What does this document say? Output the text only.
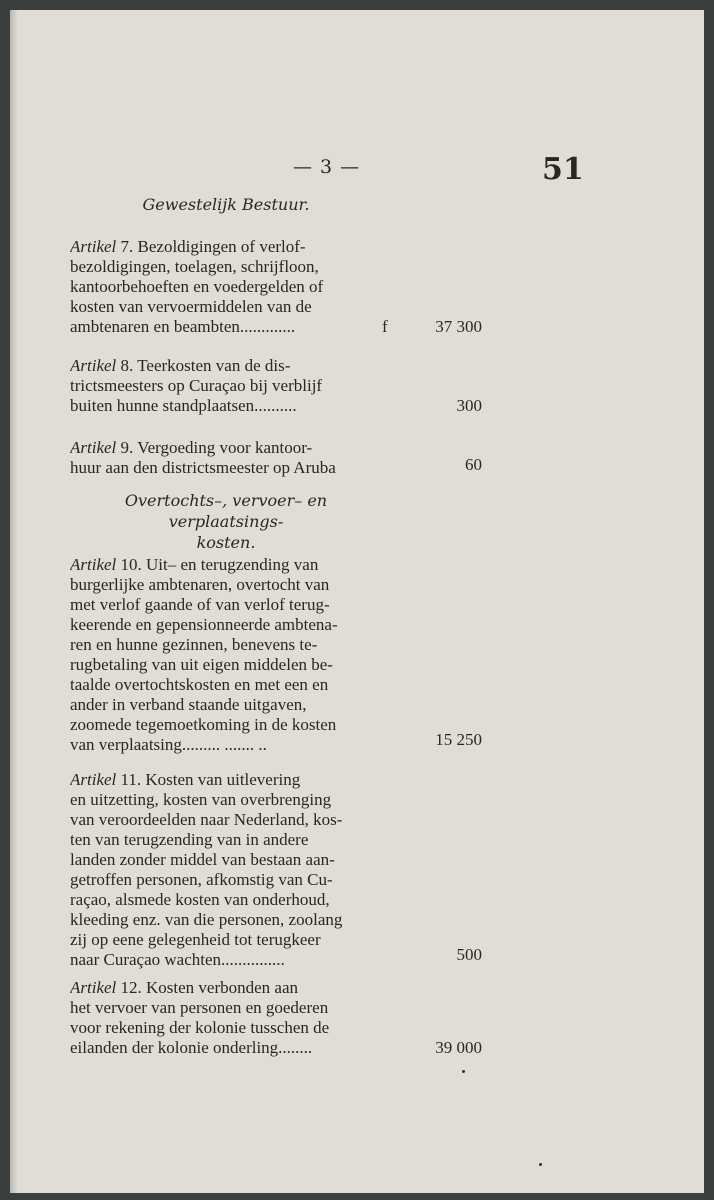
— 3 —	51
Gewestelijk Bestuur.
Artikel 7. Bezoldigingen of verlof-
bezoldigingen, toelagen, schrijfloon,
kantoorbehoeften en voedergelden of
kosten van vervoermiddelen van de
ambtenaren en beambten.............	f	37 300
Artikel 8. Teerkosten van de dis-
trictsmeesters op Curaçao bij verblijf
buiten hunne standplaatsen..........	300
Artikel 9. Vergoeding voor kantoor-
huur aan den districtsmeester op Aruba	60
Overtochts–, vervoer– en verplaatsings-
kosten.
Artikel 10. Uit– en terugzending van
burgerlijke ambtenaren, overtocht van
met verlof gaande of van verlof terug-
keerende en gepensionneerde ambtena-
ren en hunne gezinnen, benevens te-
rugbetaling van uit eigen middelen be-
taalde overtochtskosten en met een en
ander in verband staande uitgaven,
zoomede tegemoetkoming in de kosten
van verplaatsing......... ....... ..	15 250
Artikel 11. Kosten van uitlevering
en uitzetting, kosten van overbrenging
van veroordeelden naar Nederland, kos-
ten van terugzending van in andere
landen zonder middel van bestaan aan-
getroffen personen, afkomstig van Cu-
raçao, alsmede kosten van onderhoud,
kleeding enz. van die personen, zoolang
zij op eene gelegenheid tot terugkeer
naar Curaçao wachten...............	500
Artikel 12. Kosten verbonden aan
het vervoer van personen en goederen
voor rekening der kolonie tusschen de
eilanden der kolonie onderling........	39 000
